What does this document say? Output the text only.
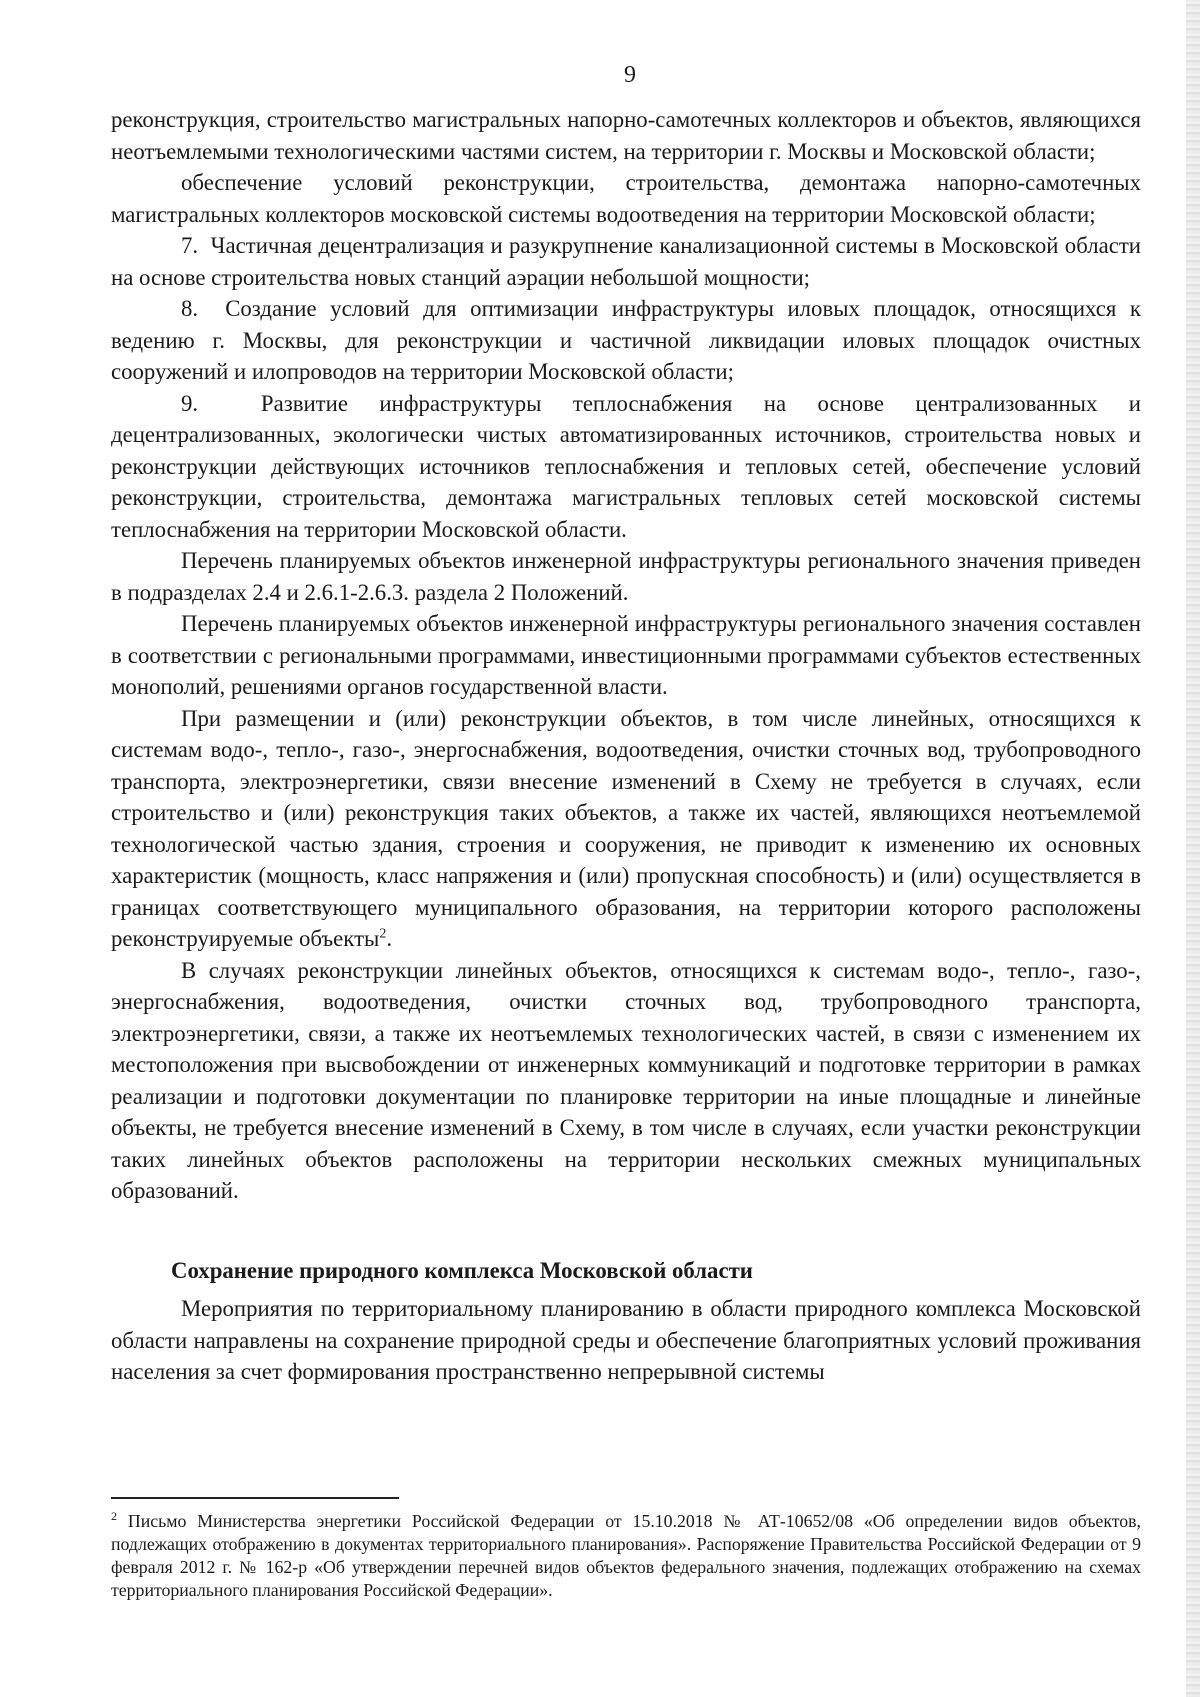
9

реконструкция, строительство магистральных напорно-самотечных коллекторов и объектов, являющихся неотъемлемыми технологическими частями систем, на территории г. Москвы и Московской области;

обеспечение условий реконструкции, строительства, демонтажа напорно-самотечных магистральных коллекторов московской системы водоотведения на территории Московской области;

7.  Частичная децентрализация и разукрупнение канализационной системы в Московской области на основе строительства новых станций аэрации небольшой мощности;

8.  Создание условий для оптимизации инфраструктуры иловых площадок, относящихся к ведению г. Москвы, для реконструкции и частичной ликвидации иловых площадок очистных сооружений и илопроводов на территории Московской области;

9.  Развитие инфраструктуры теплоснабжения на основе централизованных и децентрализованных, экологически чистых автоматизированных источников, строительства новых и реконструкции действующих источников теплоснабжения и тепловых сетей, обеспечение условий реконструкции, строительства, демонтажа магистральных тепловых сетей московской системы теплоснабжения на территории Московской области.

Перечень планируемых объектов инженерной инфраструктуры регионального значения приведен в подразделах 2.4 и 2.6.1-2.6.3. раздела 2 Положений.

Перечень планируемых объектов инженерной инфраструктуры регионального значения составлен в соответствии с региональными программами, инвестиционными программами субъектов естественных монополий, решениями органов государственной власти.

При размещении и (или) реконструкции объектов, в том числе линейных, относящихся к системам водо-, тепло-, газо-, энергоснабжения, водоотведения, очистки сточных вод, трубопроводного транспорта, электроэнергетики, связи внесение изменений в Схему не требуется в случаях, если строительство и (или) реконструкция таких объектов, а также их частей, являющихся неотъемлемой технологической частью здания, строения и сооружения, не приводит к изменению их основных характеристик (мощность, класс напряжения и (или) пропускная способность) и (или) осуществляется в границах соответствующего муниципального образования, на территории которого расположены реконструируемые объекты$^2$.

В случаях реконструкции линейных объектов, относящихся к системам водо-, тепло-, газо-, энергоснабжения, водоотведения, очистки сточных вод, трубопроводного транспорта, электроэнергетики, связи, а также их неотъемлемых технологических частей, в связи с изменением их местоположения при высвобождении от инженерных коммуникаций и подготовке территории в рамках реализации и подготовки документации по планировке территории на иные площадные и линейные объекты, не требуется внесение изменений в Схему, в том числе в случаях, если участки реконструкции таких линейных объектов расположены на территории нескольких смежных муниципальных образований.

Сохранение природного комплекса Московской области

Мероприятия по территориальному планированию в области природного комплекса Московской области направлены на сохранение природной среды и обеспечение благоприятных условий проживания населения за счет формирования пространственно непрерывной системы

$^2$ Письмо Министерства энергетики Российской Федерации от 15.10.2018 № АТ-10652/08 «Об определении видов объектов, подлежащих отображению в документах территориального планирования». Распоряжение Правительства Российской Федерации от 9 февраля 2012 г. № 162-р «Об утверждении перечней видов объектов федерального значения, подлежащих отображению на схемах территориального планирования Российской Федерации».
